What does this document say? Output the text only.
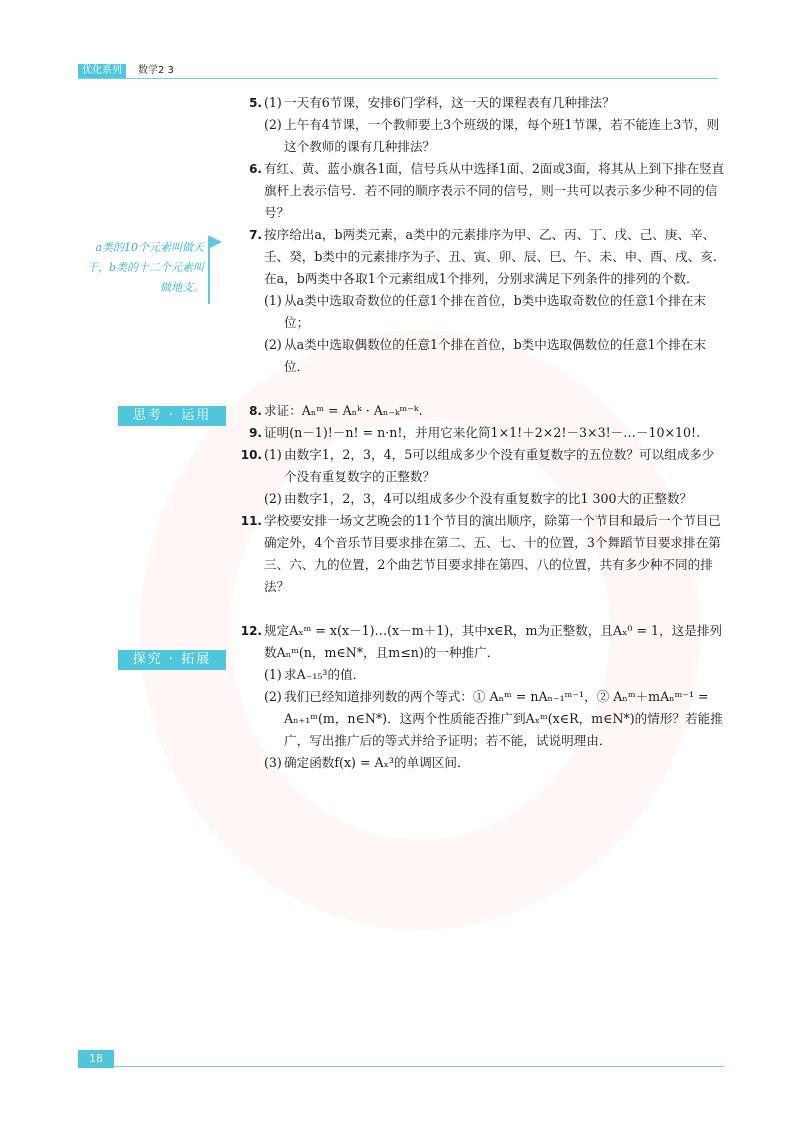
优化系列	数学2 3
a类的10个元素叫做天干，b类的十二个元素叫做地支。
思考 · 运用
探究 · 拓展
5. (1) 一天有6节课，安排6门学科，这一天的课程表有几种排法？
(2) 上午有4节课，一个教师要上3个班级的课，每个班1节课，若不能连上3节，则这个教师的课有几种排法？
6. 有红、黄、蓝小旗各1面，信号兵从中选择1面、2面或3面，将其从上到下排在竖直旗杆上表示信号．若不同的顺序表示不同的信号，则一共可以表示多少种不同的信号？
7. 按序给出a，b两类元素，a类中的元素排序为甲、乙、丙、丁、戊、己、庚、辛、壬、癸，b类中的元素排序为子、丑、寅、卯、辰、巳、午、未、申、酉、戌、亥．在a，b两类中各取1个元素组成1个排列，分别求满足下列条件的排列的个数．
(1) 从a类中选取奇数位的任意1个排在首位，b类中选取奇数位的任意1个排在末位；
(2) 从a类中选取偶数位的任意1个排在首位，b类中选取偶数位的任意1个排在末位．
8. 求证：Aₙᵐ = Aₙᵏ · Aₙ₋ₖᵐ⁻ᵏ.
9. 证明(n－1)!－n! = n·n!，并用它来化简1×1!＋2×2!－3×3!－…－10×10!.
10. (1) 由数字1，2，3，4，5可以组成多少个没有重复数字的五位数？可以组成多少个没有重复数字的正整数？
(2) 由数字1，2，3，4可以组成多少个没有重复数字的比1 300大的正整数？
11. 学校要安排一场文艺晚会的11个节目的演出顺序，除第一个节目和最后一个节目已确定外，4个音乐节目要求排在第二、五、七、十的位置，3个舞蹈节目要求排在第三、六、九的位置，2个曲艺节目要求排在第四、八的位置，共有多少种不同的排法？
12. 规定Aₓᵐ = x(x－1)…(x－m＋1)，其中x∈R，m为正整数，且Aₓ⁰ = 1，这是排列数Aₙᵐ(n，m∈N*，且m≤n)的一种推广．
(1) 求A₋₁₅³的值．
(2) 我们已经知道排列数的两个等式：① Aₙᵐ = nAₙ₋₁ᵐ⁻¹，② Aₙᵐ＋mAₙᵐ⁻¹ = Aₙ₊₁ᵐ(m，n∈N*)．这两个性质能否推广到Aₓᵐ(x∈R，m∈N*)的情形？若能推广，写出推广后的等式并给予证明；若不能，试说明理由．
(3) 确定函数f(x) = Aₓ³的单调区间．
18
